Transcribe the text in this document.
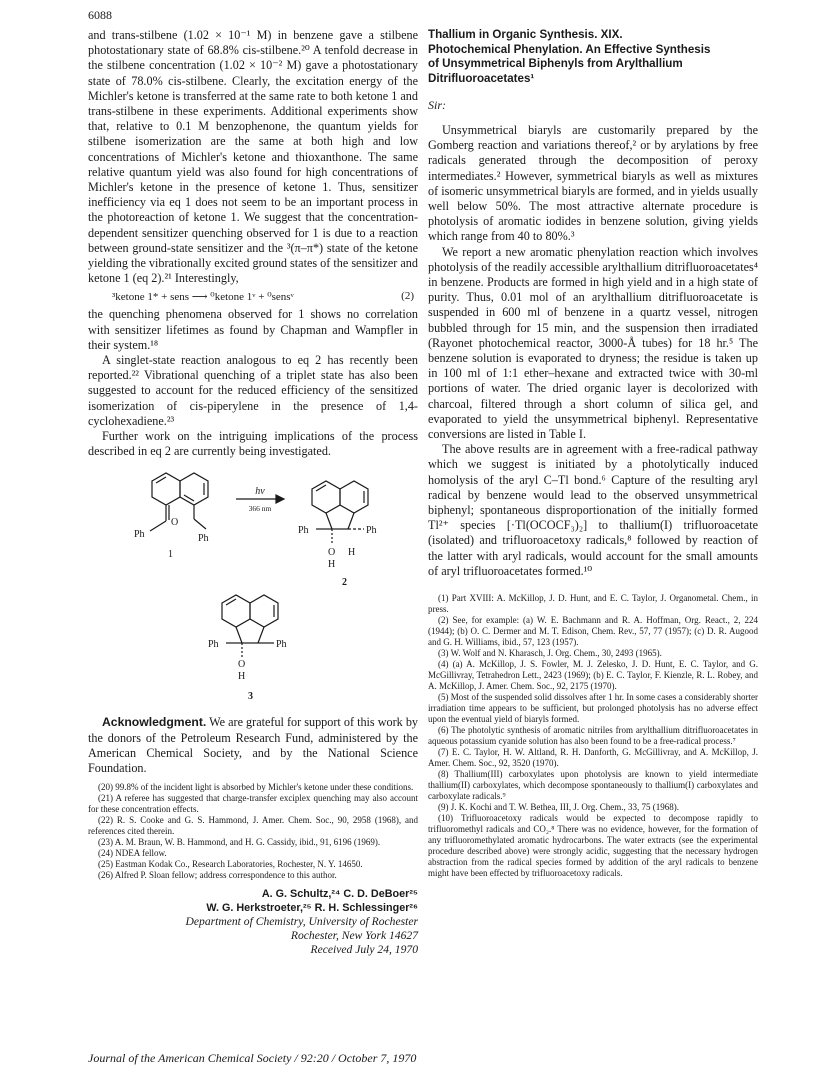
6088

and trans-stilbene (1.02 × 10⁻¹ M) in benzene gave a stilbene photostationary state of 68.8% cis-stilbene.²⁰ A tenfold decrease in the stilbene concentration (1.02 × 10⁻² M) gave a photostationary state of 78.0% cis-stilbene. Clearly, the excitation energy of the Michler's ketone is transferred at the same rate to both ketone 1 and trans-stilbene in these experiments. Additional experiments show that, relative to 0.1 M benzophenone, the quantum yields for stilbene isomerization are the same at both high and low concentrations of Michler's ketone and thioxanthone. The same relative quantum yield was also found for high concentrations of Michler's ketone in the presence of ketone 1. Thus, sensitizer inefficiency via eq 1 does not seem to be an important process in the photoreaction of ketone 1. We suggest that the concentration-dependent sensitizer quenching observed for 1 is due to a reaction between ground-state sensitizer and the ³(π–π*) state of the ketone yielding the vibrationally excited ground states of the sensitizer and ketone 1 (eq 2).²¹ Interestingly,

³ketone 1* + sens ⟶ ⁰ketone 1ᵛ + ⁰sensᵛ	(2)

the quenching phenomena observed for 1 shows no correlation with sensitizer lifetimes as found by Chapman and Wampfler in their system.¹⁸

A singlet-state reaction analogous to eq 2 has recently been reported.²² Vibrational quenching of a triplet state has also been suggested to account for the reduced efficiency of the sensitized isomerization of cis-piperylene in the presence of 1,4-cyclohexadiene.²³

Further work on the intriguing implications of the process described in eq 2 are currently being investigated.

hν
366 nm
Ph
O
Ph
1
Ph	Ph
O H
H
2
Ph	Ph
O
H
3

Acknowledgment. We are grateful for support of this work by the donors of the Petroleum Research Fund, administered by the American Chemical Society, and by the National Science Foundation.

(20) 99.8% of the incident light is absorbed by Michler's ketone under these conditions.
(21) A referee has suggested that charge-transfer exciplex quenching may also account for these concentration effects.
(22) R. S. Cooke and G. S. Hammond, J. Amer. Chem. Soc., 90, 2958 (1968), and references cited therein.
(23) A. M. Braun, W. B. Hammond, and H. G. Cassidy, ibid., 91, 6196 (1969).
(24) NDEA fellow.
(25) Eastman Kodak Co., Research Laboratories, Rochester, N. Y. 14650.
(26) Alfred P. Sloan fellow; address correspondence to this author.
A. G. Schultz,²⁴ C. D. DeBoer²⁵
W. G. Herkstroeter,²⁵ R. H. Schlessinger²⁶
Department of Chemistry, University of Rochester
Rochester, New York 14627
Received July 24, 1970
Thallium in Organic Synthesis. XIX.
Photochemical Phenylation. An Effective Synthesis
of Unsymmetrical Biphenyls from Arylthallium
Ditrifluoroacetates¹
Sir:

Unsymmetrical biaryls are customarily prepared by the Gomberg reaction and variations thereof,² or by arylations by free radicals generated through the decomposition of peroxy intermediates.² However, symmetrical biaryls as well as mixtures of isomeric unsymmetrical biaryls are formed, and in yields usually well below 50%. The most attractive alternate procedure is photolysis of aromatic iodides in benzene solution, giving yields which range from 40 to 80%.³

We report a new aromatic phenylation reaction which involves photolysis of the readily accessible arylthallium ditrifluoroacetates⁴ in benzene. Products are formed in high yield and in a high state of purity. Thus, 0.01 mol of an arylthallium ditrifluoroacetate is suspended in 600 ml of benzene in a quartz vessel, nitrogen bubbled through for 15 min, and the suspension then irradiated (Rayonet photochemical reactor, 3000-Å tubes) for 18 hr.⁵ The benzene solution is evaporated to dryness; the residue is taken up in 100 ml of 1:1 ether–hexane and extracted twice with 30-ml portions of water. The dried organic layer is decolorized with charcoal, filtered through a short column of silica gel, and evaporated to yield the unsymmetrical biphenyl. Representative conversions are listed in Table I.

The above results are in agreement with a free-radical pathway which we suggest is initiated by a photolytically induced homolysis of the aryl C–Tl bond.⁶ Capture of the resulting aryl radical by benzene would lead to the observed unsymmetrical biphenyl; spontaneous disproportionation of the initially formed Tl²⁺ species [·Tl(OCOCF₃)₂] to thallium(I) trifluoroacetate (isolated) and trifluoroacetoxy radicals,⁸ followed by reaction of the latter with aryl radicals, would account for the small amounts of aryl trifluoroacetates formed.¹⁰

(1) Part XVIII: A. McKillop, J. D. Hunt, and E. C. Taylor, J. Organometal. Chem., in press.
(2) See, for example: (a) W. E. Bachmann and R. A. Hoffman, Org. React., 2, 224 (1944); (b) O. C. Dermer and M. T. Edison, Chem. Rev., 57, 77 (1957); (c) D. R. Augood and G. H. Williams, ibid., 57, 123 (1957).
(3) W. Wolf and N. Kharasch, J. Org. Chem., 30, 2493 (1965).
(4) (a) A. McKillop, J. S. Fowler, M. J. Zelesko, J. D. Hunt, E. C. Taylor, and G. McGillivray, Tetrahedron Lett., 2423 (1969); (b) E. C. Taylor, F. Kienzle, R. L. Robey, and A. McKillop, J. Amer. Chem. Soc., 92, 2175 (1970).
(5) Most of the suspended solid dissolves after 1 hr. In some cases a considerably shorter irradiation time appears to be sufficient, but prolonged photolysis has no adverse effect upon the eventual yield of biaryls formed.
(6) The photolytic synthesis of aromatic nitriles from arylthallium ditrifluoroacetates in aqueous potassium cyanide solution has also been found to be a free-radical process.⁷
(7) E. C. Taylor, H. W. Altland, R. H. Danforth, G. McGillivray, and A. McKillop, J. Amer. Chem. Soc., 92, 3520 (1970).
(8) Thallium(III) carboxylates upon photolysis are known to yield intermediate thallium(II) carboxylates, which decompose spontaneously to thallium(I) carboxylates and carboxylate radicals.⁹
(9) J. K. Kochi and T. W. Bethea, III, J. Org. Chem., 33, 75 (1968).
(10) Trifluoroacetoxy radicals would be expected to decompose rapidly to trifluoromethyl radicals and CO₂.⁸ There was no evidence, however, for the formation of any trifluoromethylated aromatic hydrocarbons. The water extracts (see the experimental procedure described above) were strongly acidic, suggesting that the necessary hydrogen abstraction from the radical species formed by addition of the aryl radicals to benzene might have been effected by trifluoroacetoxy radicals.
Journal of the American Chemical Society / 92:20 / October 7, 1970
